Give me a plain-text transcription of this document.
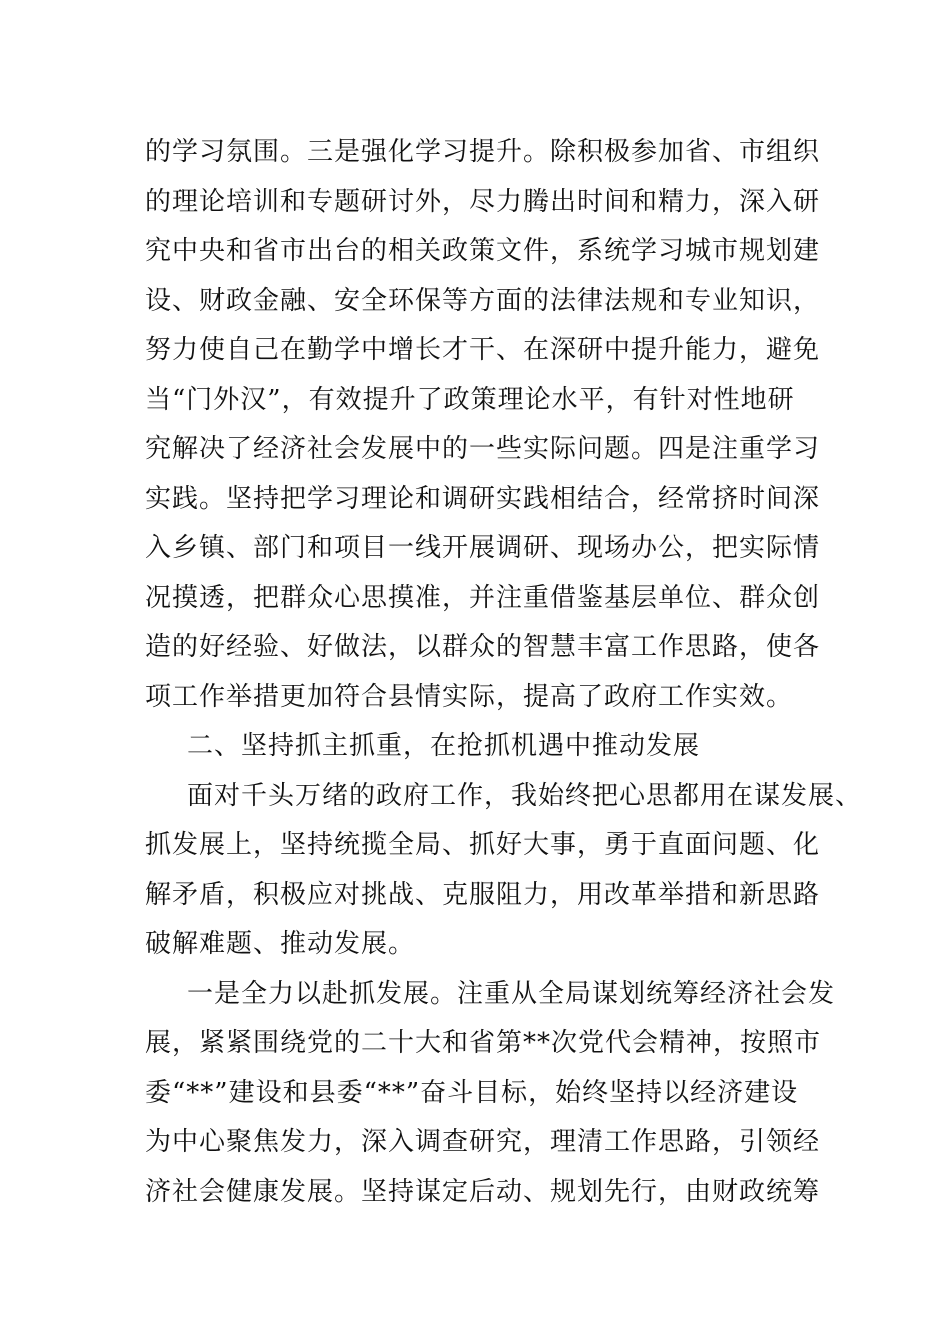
的学习氛围。三是强化学习提升。除积极参加省、市组织
的理论培训和专题研讨外，尽力腾出时间和精力，深入研
究中央和省市出台的相关政策文件，系统学习城市规划建
设、财政金融、安全环保等方面的法律法规和专业知识，
努力使自己在勤学中增长才干、在深研中提升能力，避免
当“门外汉”，有效提升了政策理论水平，有针对性地研
究解决了经济社会发展中的一些实际问题。四是注重学习
实践。坚持把学习理论和调研实践相结合，经常挤时间深
入乡镇、部门和项目一线开展调研、现场办公，把实际情
况摸透，把群众心思摸准，并注重借鉴基层单位、群众创
造的好经验、好做法，以群众的智慧丰富工作思路，使各
项工作举措更加符合县情实际，提高了政府工作实效。
二、坚持抓主抓重，在抢抓机遇中推动发展
面对千头万绪的政府工作，我始终把心思都用在谋发展、
抓发展上，坚持统揽全局、抓好大事，勇于直面问题、化
解矛盾，积极应对挑战、克服阻力，用改革举措和新思路
破解难题、推动发展。
一是全力以赴抓发展。注重从全局谋划统筹经济社会发
展，紧紧围绕党的二十大和省第**次党代会精神，按照市
委“**”建设和县委“**”奋斗目标，始终坚持以经济建设
为中心聚焦发力，深入调查研究，理清工作思路，引领经
济社会健康发展。坚持谋定后动、规划先行，由财政统筹
